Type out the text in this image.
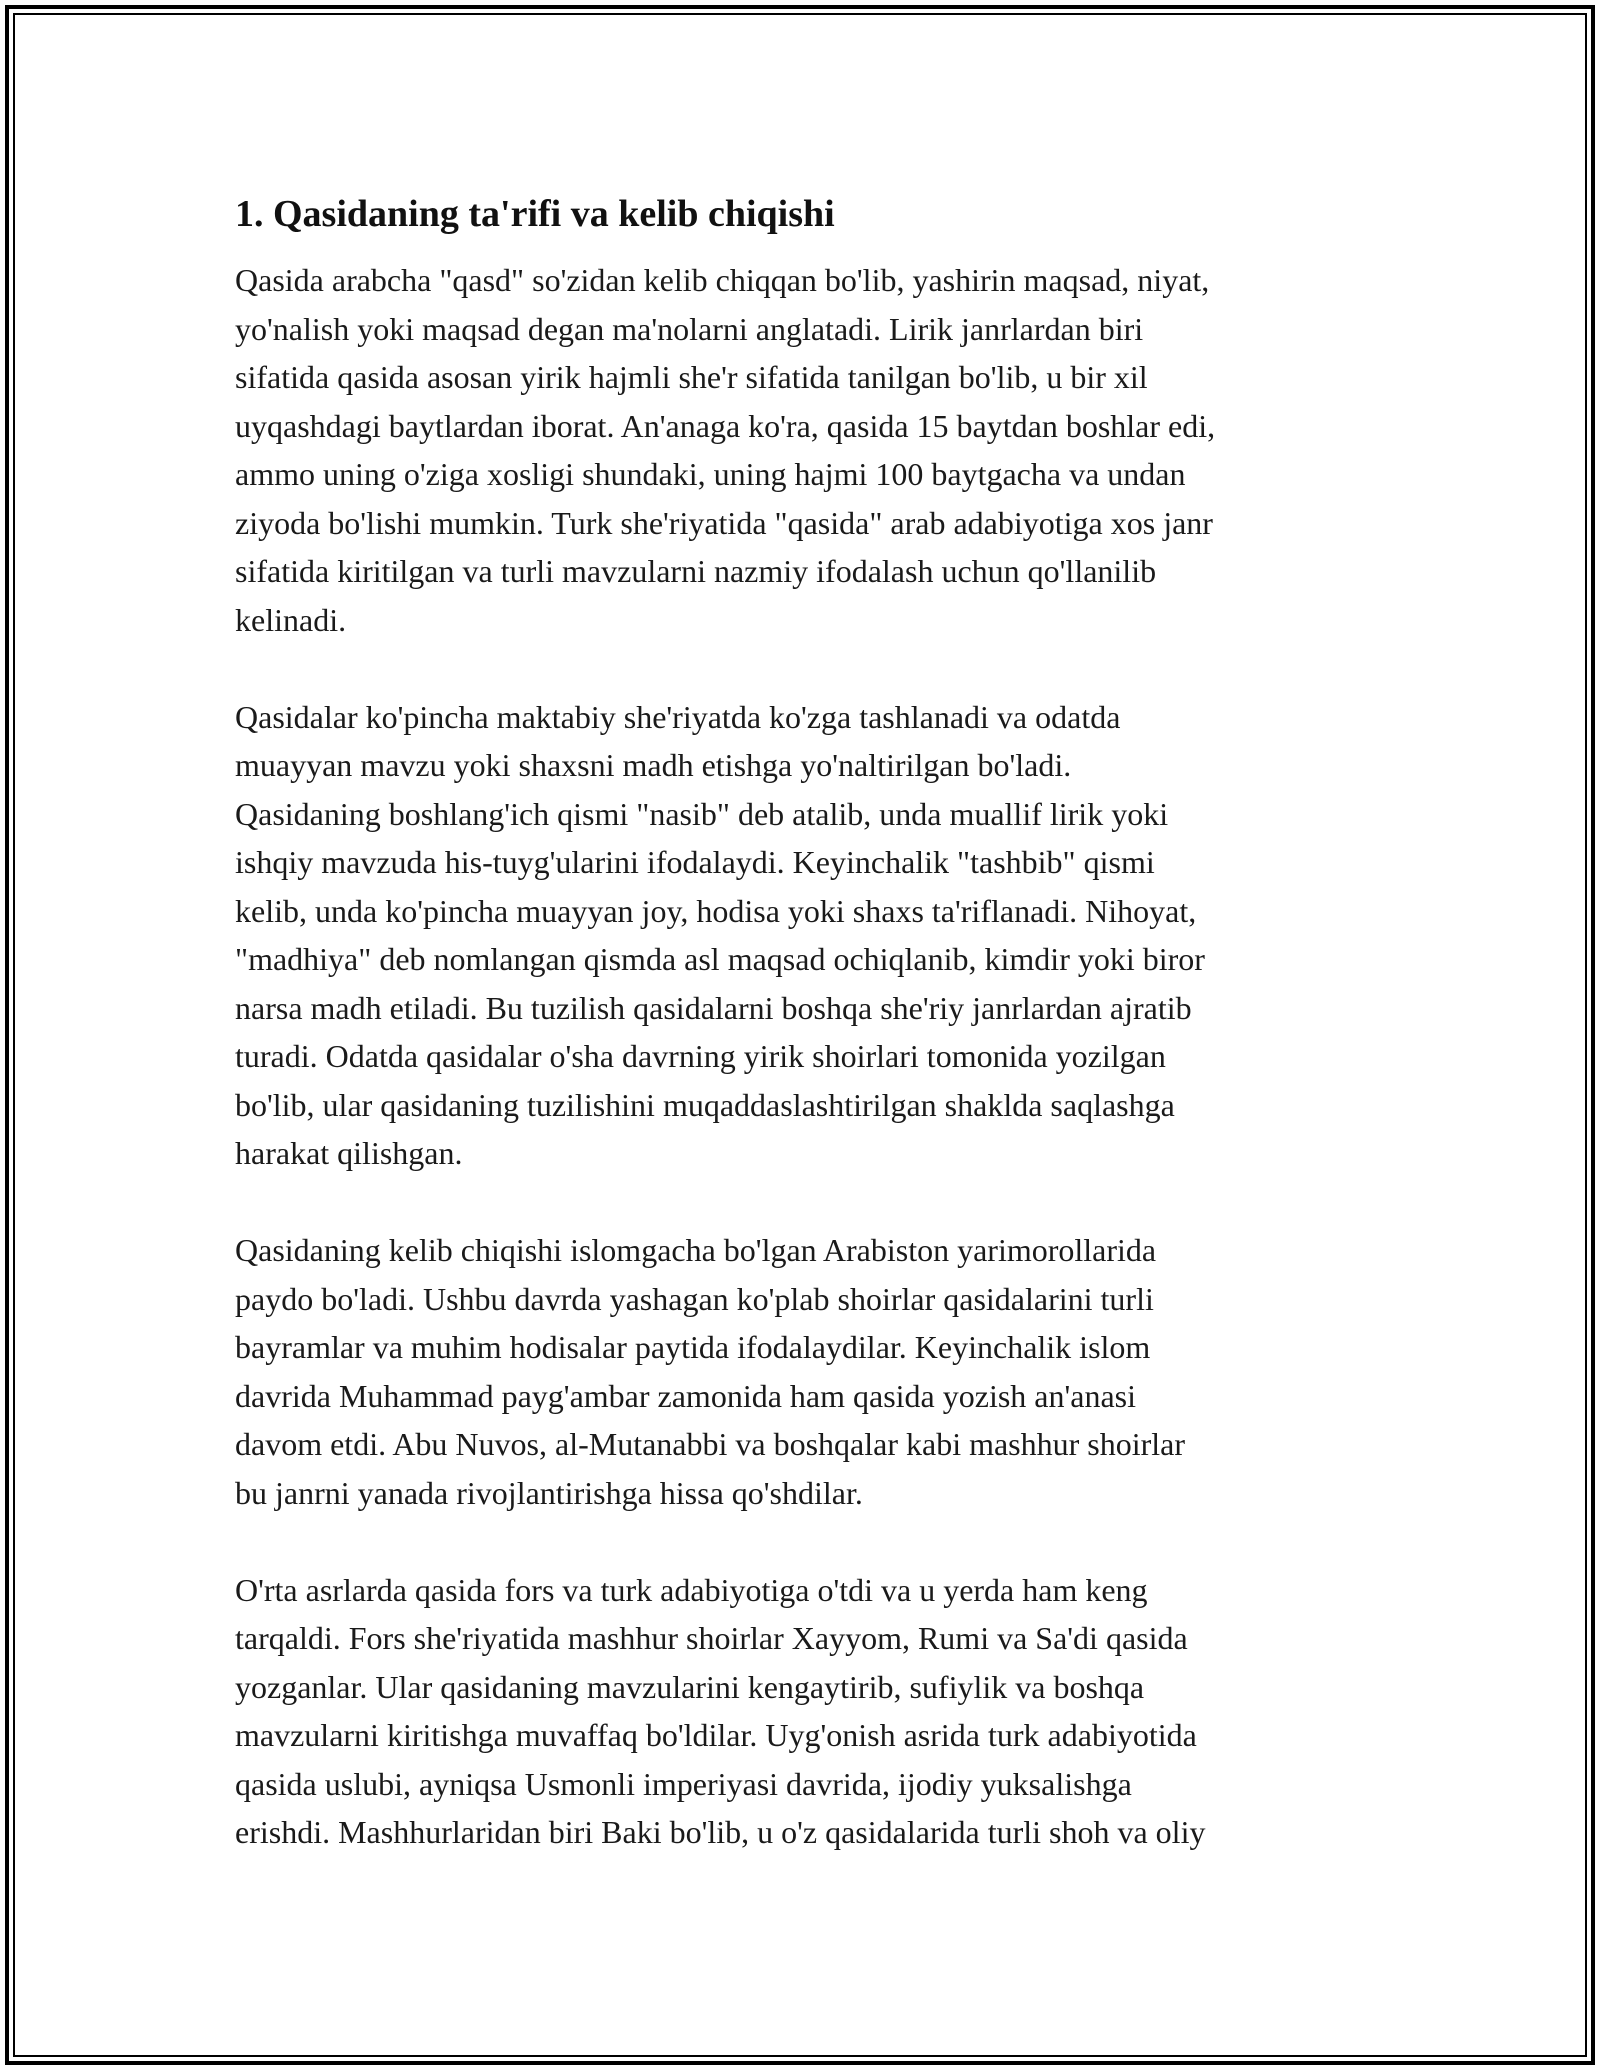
1. Qasidaning ta'rifi va kelib chiqishi
Qasida arabcha "qasd" so'zidan kelib chiqqan bo'lib, yashirin maqsad, niyat,
yo'nalish yoki maqsad degan ma'nolarni anglatadi. Lirik janrlardan biri
sifatida qasida asosan yirik hajmli she'r sifatida tanilgan bo'lib, u bir xil
uyqashdagi baytlardan iborat. An'anaga ko'ra, qasida 15 baytdan boshlar edi,
ammo uning o'ziga xosligi shundaki, uning hajmi 100 baytgacha va undan
ziyoda bo'lishi mumkin. Turk she'riyatida "qasida" arab adabiyotiga xos janr
sifatida kiritilgan va turli mavzularni nazmiy ifodalash uchun qo'llanilib
kelinadi.
Qasidalar ko'pincha maktabiy she'riyatda ko'zga tashlanadi va odatda
muayyan mavzu yoki shaxsni madh etishga yo'naltirilgan bo'ladi.
Qasidaning boshlang'ich qismi "nasib" deb atalib, unda muallif lirik yoki
ishqiy mavzuda his-tuyg'ularini ifodalaydi. Keyinchalik "tashbib" qismi
kelib, unda ko'pincha muayyan joy, hodisa yoki shaxs ta'riflanadi. Nihoyat,
"madhiya" deb nomlangan qismda asl maqsad ochiqlanib, kimdir yoki biror
narsa madh etiladi. Bu tuzilish qasidalarni boshqa she'riy janrlardan ajratib
turadi. Odatda qasidalar o'sha davrning yirik shoirlari tomonida yozilgan
bo'lib, ular qasidaning tuzilishini muqaddaslashtirilgan shaklda saqlashga
harakat qilishgan.
Qasidaning kelib chiqishi islomgacha bo'lgan Arabiston yarimorollarida
paydo bo'ladi. Ushbu davrda yashagan ko'plab shoirlar qasidalarini turli
bayramlar va muhim hodisalar paytida ifodalaydilar. Keyinchalik islom
davrida Muhammad payg'ambar zamonida ham qasida yozish an'anasi
davom etdi. Abu Nuvos, al-Mutanabbi va boshqalar kabi mashhur shoirlar
bu janrni yanada rivojlantirishga hissa qo'shdilar.
O'rta asrlarda qasida fors va turk adabiyotiga o'tdi va u yerda ham keng
tarqaldi. Fors she'riyatida mashhur shoirlar Xayyom, Rumi va Sa'di qasida
yozganlar. Ular qasidaning mavzularini kengaytirib, sufiylik va boshqa
mavzularni kiritishga muvaffaq bo'ldilar. Uyg'onish asrida turk adabiyotida
qasida uslubi, ayniqsa Usmonli imperiyasi davrida, ijodiy yuksalishga
erishdi. Mashhurlaridan biri Baki bo'lib, u o'z qasidalarida turli shoh va oliy
